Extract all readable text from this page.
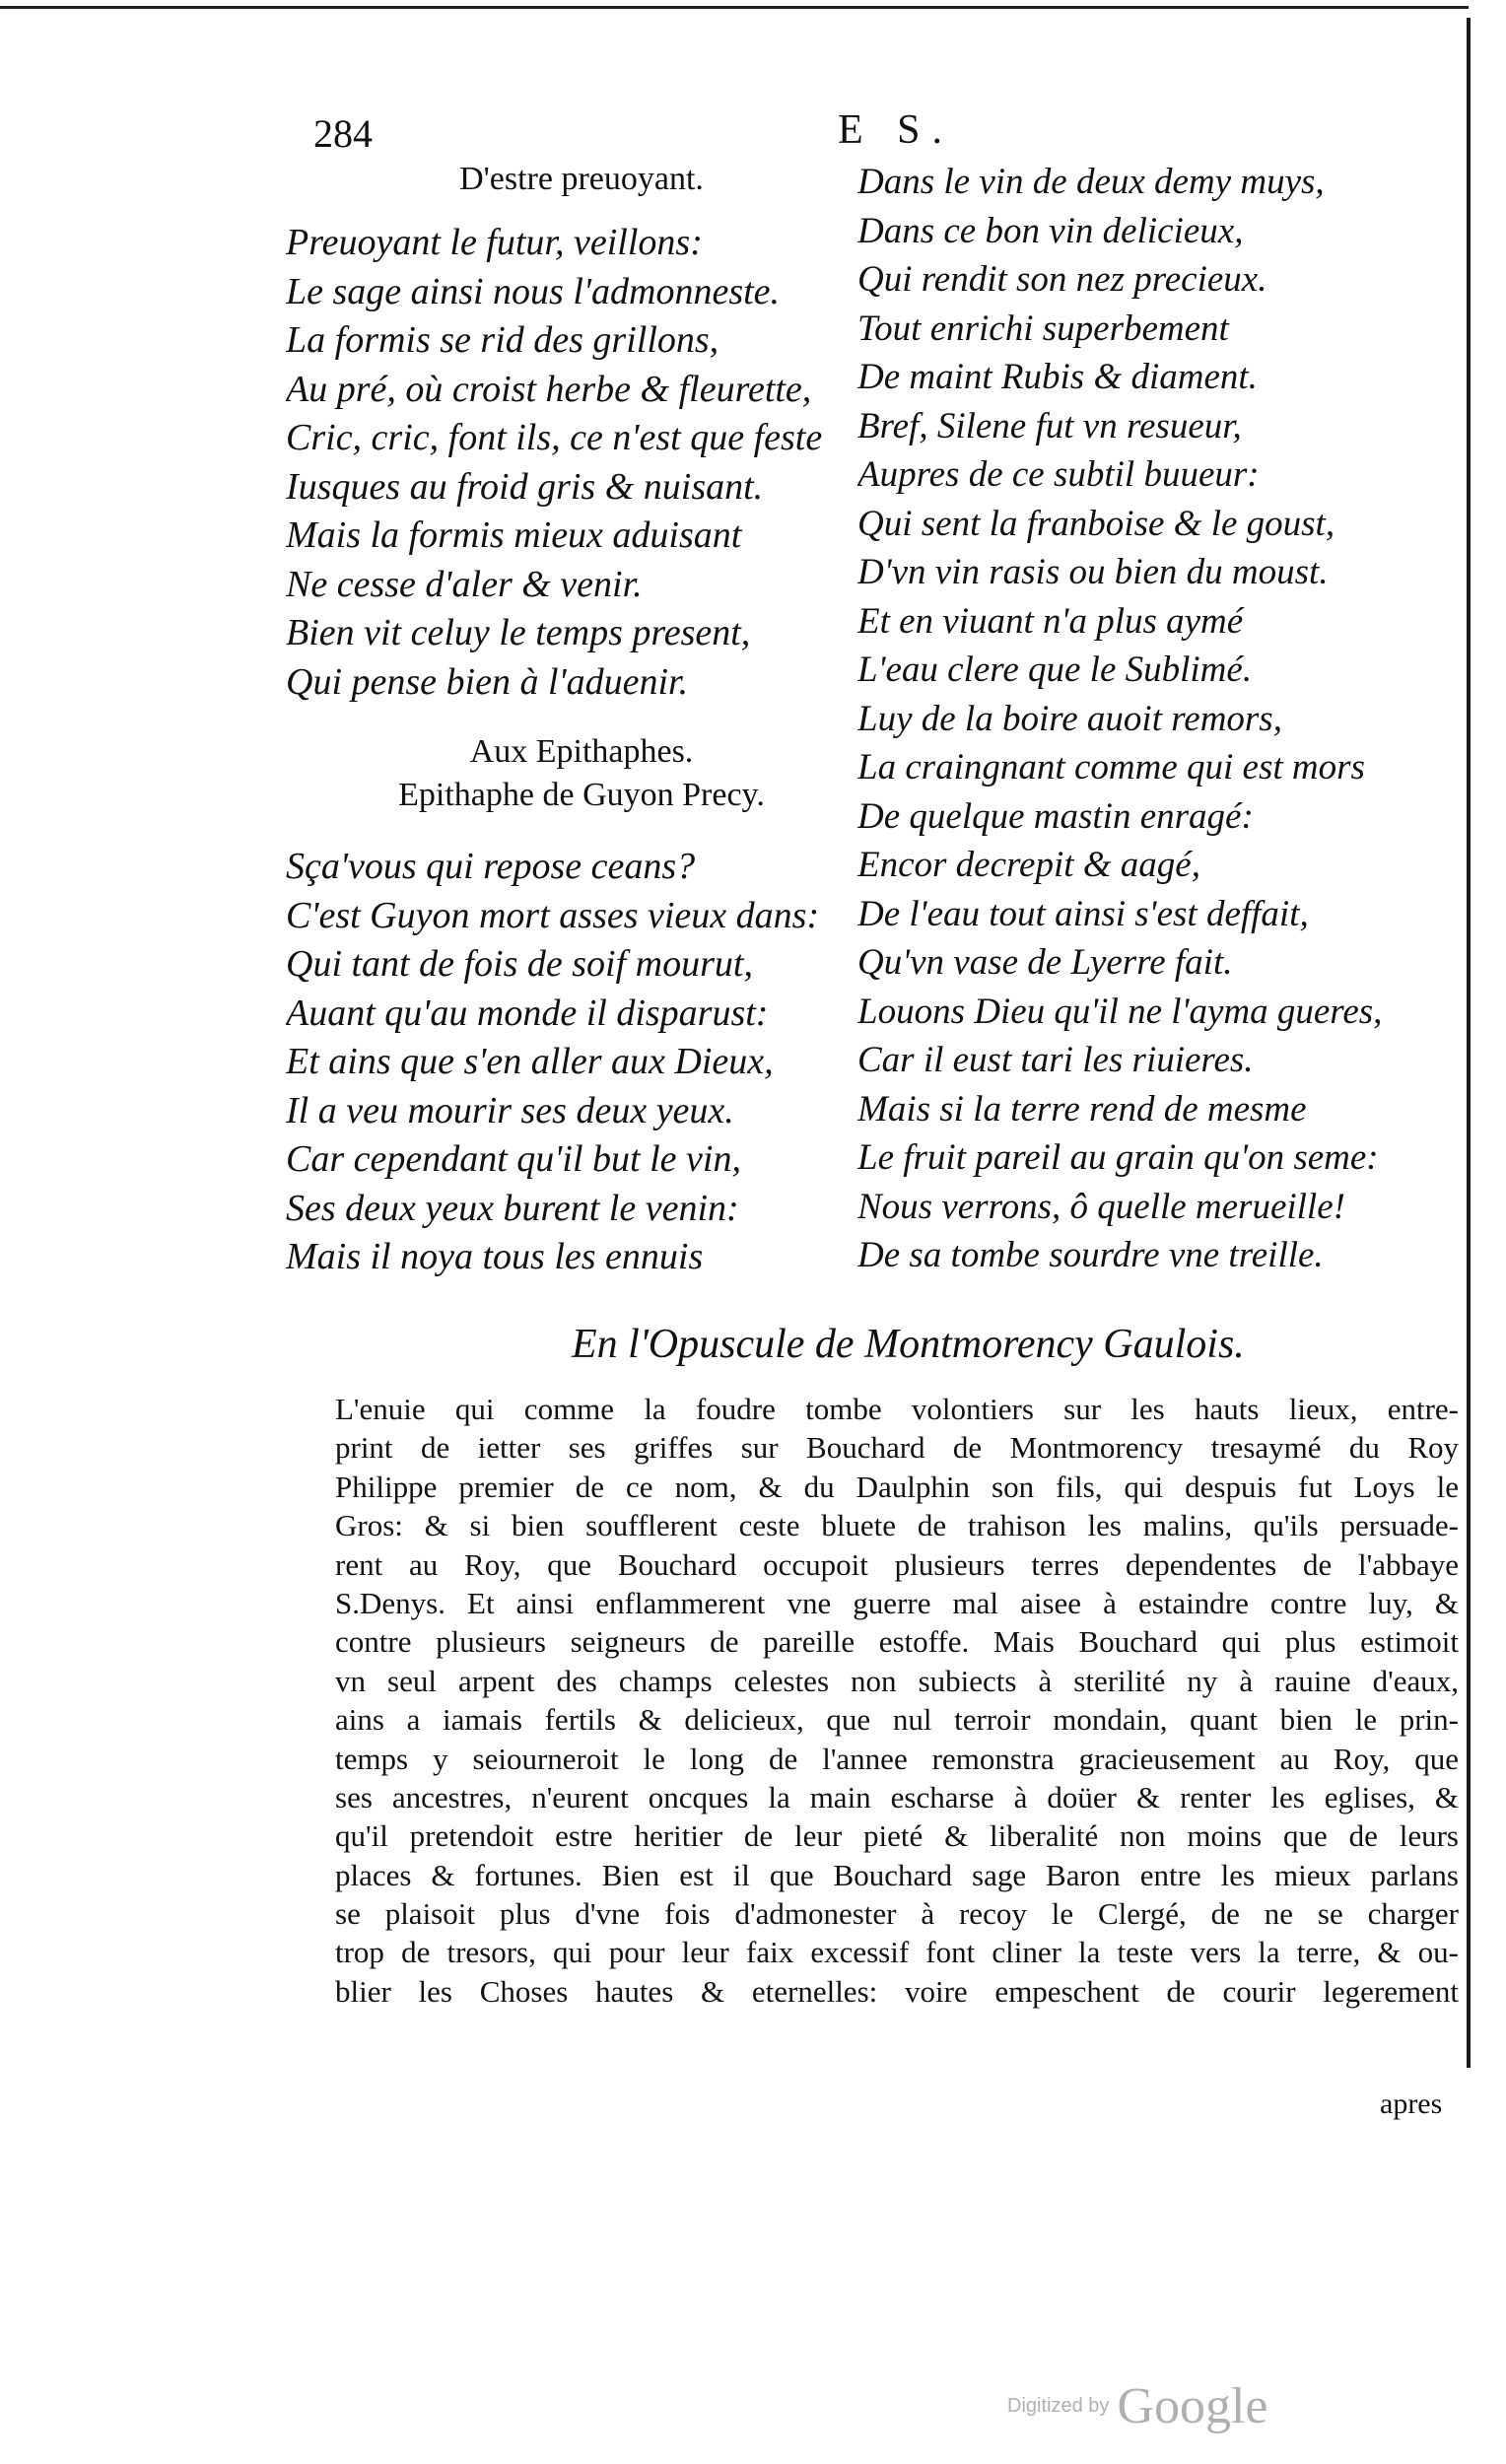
284	E S.
D'estre preuoyant.
Preuoyant le futur, veillons:
Le sage ainsi nous l'admonneste.
La formis se rid des grillons,
Au pré, où croist herbe & fleurette,
Cric, cric, font ils, ce n'est que feste
Iusques au froid gris & nuisant.
Mais la formis mieux aduisant
Ne cesse d'aler & venir.
Bien vit celuy le temps present,
Qui pense bien à l'aduenir.
Aux Epithaphes.
Epithaphe de Guyon Precy.
Sça'vous qui repose ceans?
C'est Guyon mort asses vieux dans:
Qui tant de fois de soif mourut,
Auant qu'au monde il disparust:
Et ains que s'en aller aux Dieux,
Il a veu mourir ses deux yeux.
Car cependant qu'il but le vin,
Ses deux yeux burent le venin:
Mais il noya tous les ennuis
Dans le vin de deux demy muys,
Dans ce bon vin delicieux,
Qui rendit son nez precieux.
Tout enrichi superbement
De maint Rubis & diament.
Bref, Silene fut vn resueur,
Aupres de ce subtil buueur:
Qui sent la franboise & le goust,
D'vn vin rasis ou bien du moust.
Et en viuant n'a plus aymé
L'eau clere que le Sublimé.
Luy de la boire auoit remors,
La craingnant comme qui est mors
De quelque mastin enragé:
Encor decrepit & aagé,
De l'eau tout ainsi s'est deffait,
Qu'vn vase de Lyerre fait.
Louons Dieu qu'il ne l'ayma gueres,
Car il eust tari les riuieres.
Mais si la terre rend de mesme
Le fruit pareil au grain qu'on seme:
Nous verrons, ô quelle merueille!
De sa tombe sourdre vne treille.
En l'Opuscule de Montmorency Gaulois.
L'enuie qui comme la foudre tombe volontiers sur les hauts lieux, entre-
print de ietter ses griffes sur Bouchard de Montmorency tresaymé du Roy
Philippe premier de ce nom, & du Daulphin son fils, qui despuis fut Loys le
Gros: & si bien soufflerent ceste bluete de trahison les malins, qu'ils persuade-
rent au Roy, que Bouchard occupoit plusieurs terres dependentes de l'abbaye
S.Denys. Et ainsi enflammerent vne guerre mal aisee à estaindre contre luy, &
contre plusieurs seigneurs de pareille estoffe. Mais Bouchard qui plus estimoit
vn seul arpent des champs celestes non subiects à sterilité ny à rauine d'eaux,
ains a iamais fertils & delicieux, que nul terroir mondain, quant bien le prin-
temps y seiourneroit le long de l'annee remonstra gracieusement au Roy, que
ses ancestres, n'eurent oncques la main escharse à doüer & renter les eglises, &
qu'il pretendoit estre heritier de leur pieté & liberalité non moins que de leurs
places & fortunes. Bien est il que Bouchard sage Baron entre les mieux parlans
se plaisoit plus d'vne fois d'admonester à recoy le Clergé, de ne se charger
trop de tresors, qui pour leur faix excessif font cliner la teste vers la terre, & ou-
blier les Choses hautes & eternelles: voire empeschent de courir legerement
apres
Digitized by Google
